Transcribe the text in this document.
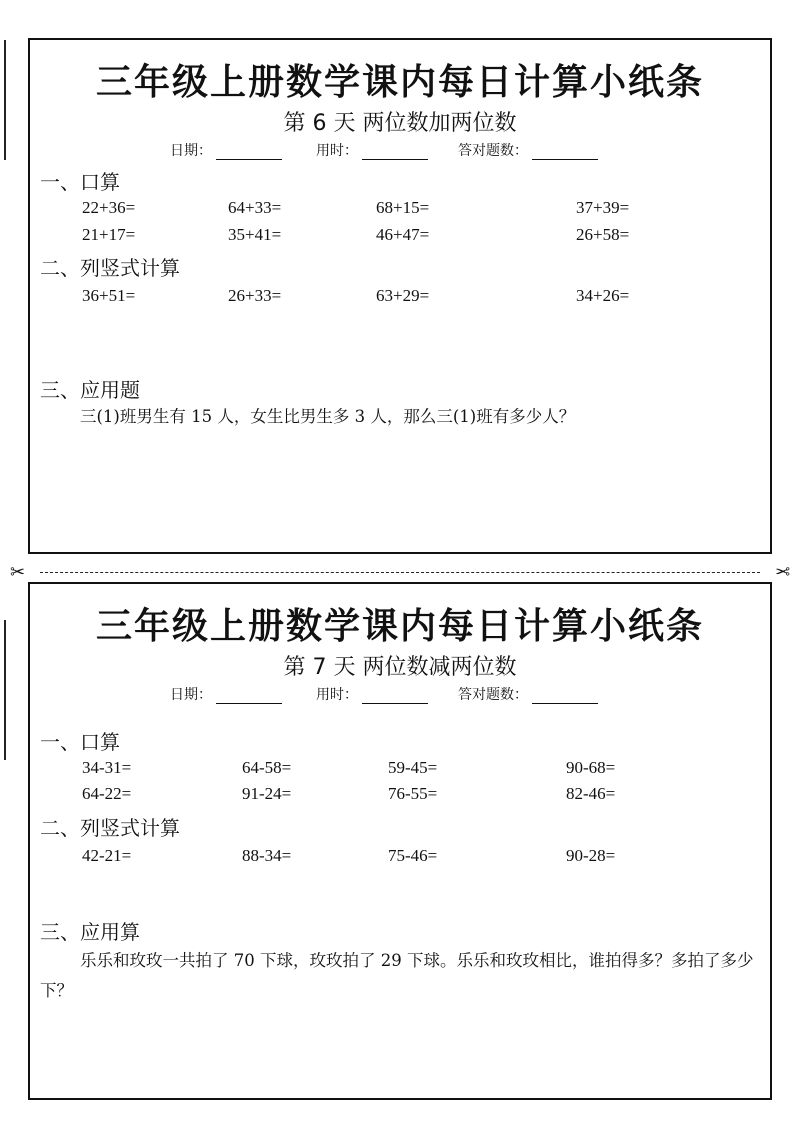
三年级上册数学课内每日计算小纸条
第 6 天 两位数加两位数
日期：	用时：	答对题数：
一、口算
22+36=	64+33=	68+15=	37+39=
21+17=	35+41=	46+47=	26+58=
二、列竖式计算
36+51=	26+33=	63+29=	34+26=
三、应用题
三(1)班男生有 15 人，女生比男生多 3 人，那么三(1)班有多少人？
✂	✂
三年级上册数学课内每日计算小纸条
第 7 天 两位数减两位数
日期：	用时：	答对题数：
一、口算
34-31=	64-58=	59-45=	90-68=
64-22=	91-24=	76-55=	82-46=
二、列竖式计算
42-21=	88-34=	75-46=	90-28=
三、应用算
乐乐和玫玫一共拍了 70 下球，玫玫拍了 29 下球。乐乐和玫玫相比，谁拍得多？多拍了多少下？
